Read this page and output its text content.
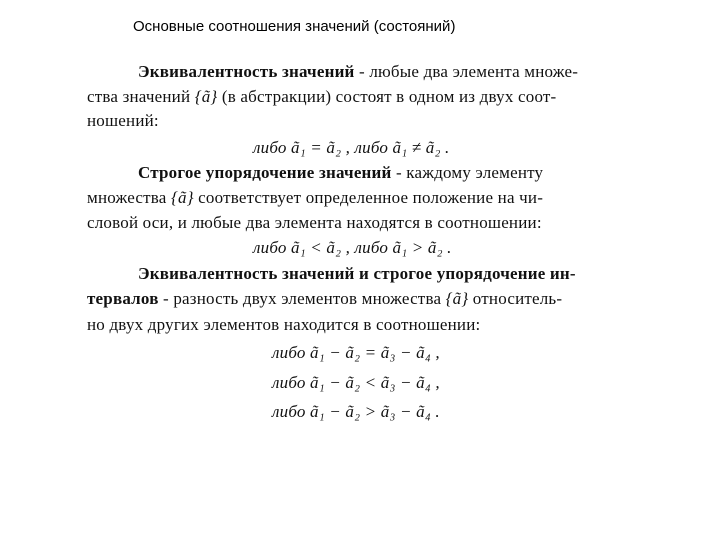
Основные соотношения значений (состояний)
Эквивалентность значений - любые два элемента множе-
ства значений {ã} (в абстракции) состоят в одном из двух соот-
ношений:
либо ã₁ = ã₂ , либо ã₁ ≠ ã₂ .
Строгое упорядочение значений - каждому элементу
множества {ã} соответствует определенное положение на чи-
словой оси, и любые два элемента находятся в соотношении:
либо ã₁ < ã₂ , либо ã₁ > ã₂ .
Эквивалентность значений и строгое упорядочение ин-
тервалов - разность двух элементов множества {ã} относитель-
но двух других элементов находится в соотношении:
либо ã₁ − ã₂ = ã₃ − ã₄ ,
либо ã₁ − ã₂ < ã₃ − ã₄ ,
либо ã₁ − ã₂ > ã₃ − ã₄ .
